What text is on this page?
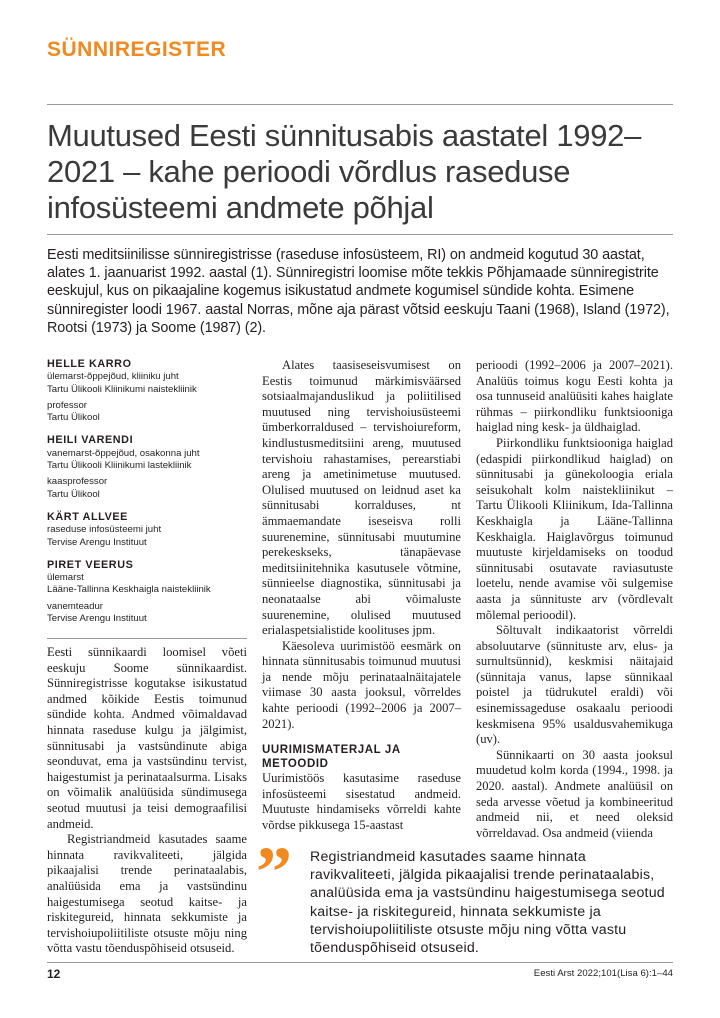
SÜNNIREGISTER
Muutused Eesti sünnitusabis aastatel 1992–2021 – kahe perioodi võrdlus raseduse infosüsteemi andmete põhjal

Eesti meditsiinilisse sünniregistrisse (raseduse infosüsteem, RI) on andmeid kogutud 30 aastat, alates 1. jaanuarist 1992. aastal (1). Sünniregistri loomise mõte tekkis Põhjamaade sünniregistrite eeskujul, kus on pikaajaline kogemus isikustatud andmete kogumisel sündide kohta. Esimene sünniregister loodi 1967. aastal Norras, mõne aja pärast võtsid eeskuju Taani (1968), Island (1972), Rootsi (1973) ja Soome (1987) (2).

HELLE KARRO
ülemarst-õppejõud, kliiniku juht
Tartu Ülikooli Kliinikumi naistekliinik
professor
Tartu Ülikool
HEILI VARENDI
vanemarst-õppejõud, osakonna juht
Tartu Ülikooli Kliinikumi lastekliinik
kaasprofessor
Tartu Ülikool
KÄRT ALLVEE
raseduse infosüsteemi juht
Tervise Arengu Instituut
PIRET VEERUS
ülemarst
Lääne-Tallinna Keskhaigla naistekliinik
vanemteadur
Tervise Arengu Instituut

Eesti sünnikaardi loomisel võeti eeskuju Soome sünnikaardist. Sünniregistrisse kogutakse isikustatud andmed kõikide Eestis toimunud sündide kohta. Andmed võimaldavad hinnata raseduse kulgu ja jälgimist, sünnitusabi ja vastsündinute abiga seonduvat, ema ja vastsündinu tervist, haigestumist ja perinataalsurma. Lisaks on võimalik analüüsida sündimusega seotud muutusi ja teisi demograafilisi andmeid.

Registriandmeid kasutades saame hinnata ravikvaliteeti, jälgida pikaajalisi trende perinataalabis, analüüsida ema ja vastsündinu haigestumisega seotud kaitse- ja riskitegureid, hinnata sekkumiste ja tervishoiupoliitiliste otsuste mõju ning võtta vastu tõenduspõhiseid otsuseid.

Alates taasiseseisvumisest on Eestis toimunud märkimisväärsed sotsiaalmajanduslikud ja poliitilised muutused ning tervishoiusüsteemi ümberkorraldused – tervishoiureform, kindlustusmeditsiini areng, muutused tervishoiu rahastamises, perearstiabi areng ja ametinimetuse muutused. Olulised muutused on leidnud aset ka sünnitusabi korralduses, nt ämmaemandate iseseisva rolli suurenemine, sünnitusabi muutumine perekeskseks, tänapäevase meditsiinitehnika kasutusele võtmine, sünnieelse diagnostika, sünnitusabi ja neonataalse abi võimaluste suurenemine, olulised muutused erialaspetsialistide koolituses jpm.

Käesoleva uurimistöö eesmärk on hinnata sünnitusabis toimunud muutusi ja nende mõju perinataalnäitajatele viimase 30 aasta jooksul, võrreldes kahte perioodi (1992–2006 ja 2007–2021).

UURIMISMATERJAL JA METOODID

Uurimistöös kasutasime raseduse infosüsteemi sisestatud andmeid. Muutuste hindamiseks võrreldi kahte võrdse pikkusega 15-aastast

perioodi (1992–2006 ja 2007–2021). Analüüs toimus kogu Eesti kohta ja osa tunnuseid analüüsiti kahes haiglate rühmas – piirkondliku funktsiooniga haiglad ning kesk- ja üldhaiglad.

Piirkondliku funktsiooniga haiglad (edaspidi piirkondlikud haiglad) on sünnitusabi ja günekoloogia eriala seisukohalt kolm naistekliinikut – Tartu Ülikooli Kliinikum, Ida-Tallinna Keskhaigla ja Lääne-Tallinna Keskhaigla. Haiglavõrgus toimunud muutuste kirjeldamiseks on toodud sünnitusabi osutavate raviasutuste loetelu, nende avamise või sulgemise aasta ja sünnituste arv (võrdlevalt mõlemal perioodil).

Sõltuvalt indikaatorist võrreldi absoluutarve (sünnituste arv, elus- ja surnultsünnid), keskmisi näitajaid (sünnitaja vanus, lapse sünnikaal poistel ja tüdrukutel eraldi) või esinemissageduse osakaalu perioodi keskmisena 95% usaldusvahemikuga (uv).

Sünnikaarti on 30 aasta jooksul muudetud kolm korda (1994., 1998. ja 2020. aastal). Andmete analüüsil on seda arvesse võetud ja kombineeritud andmeid nii, et need oleksid võrreldavad. Osa andmeid (viienda

” Registriandmeid kasutades saame hinnata ravikvaliteeti, jälgida pikaajalisi trende perinataalabis, analüüsida ema ja vastsündinu haigestumisega seotud kaitse- ja riskitegureid, hinnata sekkumiste ja tervishoiupoliitiliste otsuste mõju ning võtta vastu tõenduspõhiseid otsuseid.

12	Eesti Arst 2022;101(Lisa 6):1–44
